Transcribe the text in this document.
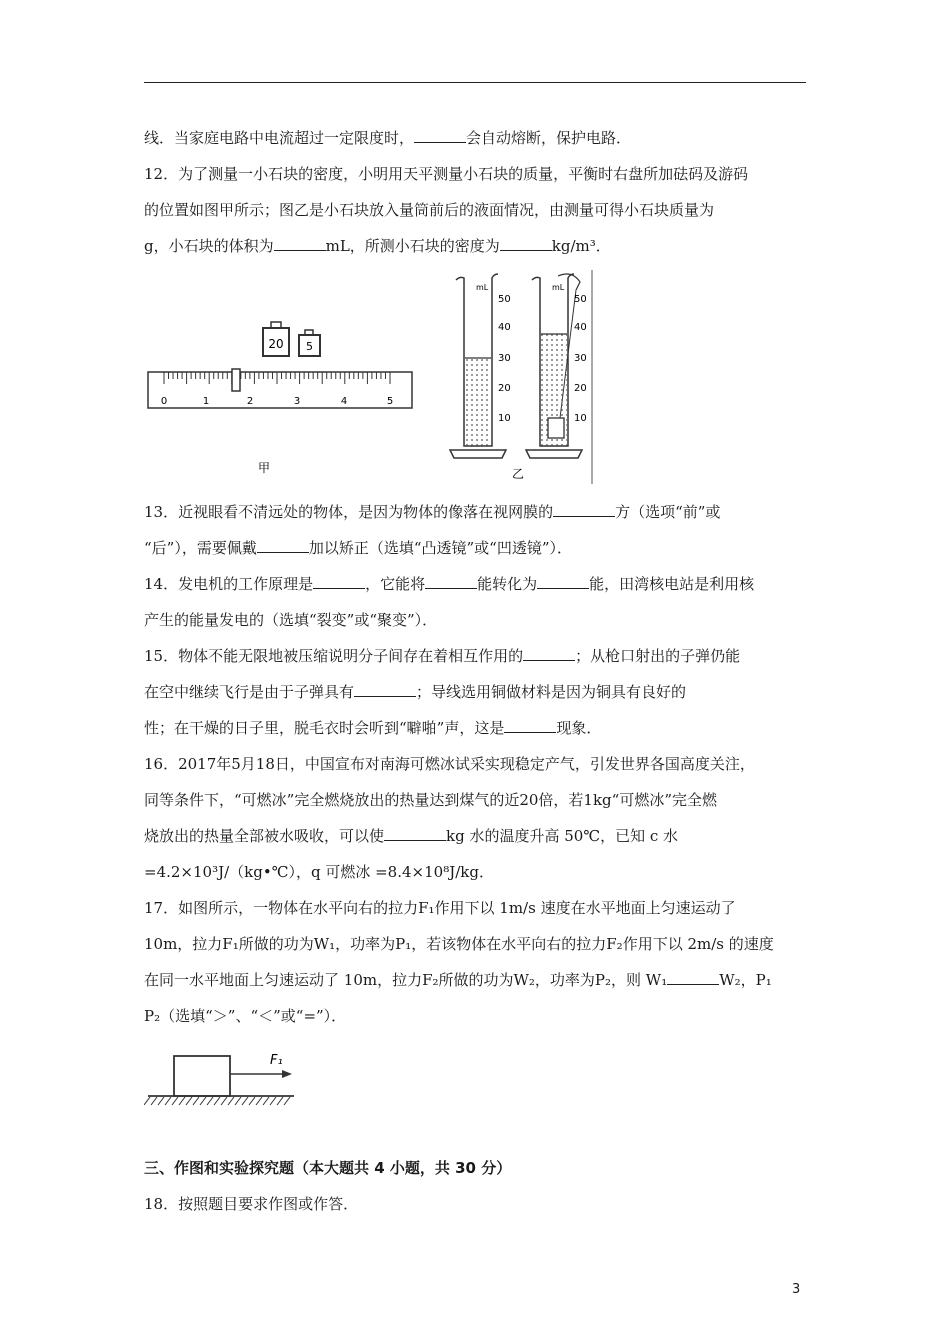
线．当家庭电路中电流超过一定限度时，	会自动熔断，保护电路．
12．为了测量一小石块的密度，小明用天平测量小石块的质量，平衡时右盘所加砝码及游码
的位置如图甲所示；图乙是小石块放入量筒前后的液面情况，由测量可得小石块质量为
g，小石块的体积为	mL，所测小石块的密度为	kg/m³．
20 5
0	1	2	3	4	5
甲
mL
50
40
30
20
10
mL
50
40
30
20
10
乙
13．近视眼看不清远处的物体，是因为物体的像落在视网膜的	方（选项“前”或
“后”），需要佩戴	加以矫正（选填“凸透镜”或“凹透镜”）．
14．发电机的工作原理是	，它能将	能转化为	能，田湾核电站是利用核
产生的能量发电的（选填“裂变”或“聚变”）．
15．物体不能无限地被压缩说明分子间存在着相互作用的	；从枪口射出的子弹仍能
在空中继续飞行是由于子弹具有	；导线选用铜做材料是因为铜具有良好的
性；在干燥的日子里，脱毛衣时会听到“噼啪”声，这是	现象．
16．2017年5月18日，中国宣布对南海可燃冰试采实现稳定产气，引发世界各国高度关注，
同等条件下，“可燃冰”完全燃烧放出的热量达到煤气的近20倍，若1kg“可燃冰”完全燃
烧放出的热量全部被水吸收，可以使	kg 水的温度升高 50℃，已知 c 水
=4.2×10³J/（kg•℃），q 可燃冰 =8.4×10⁸J/kg．
17．如图所示，一物体在水平向右的拉力F₁作用下以 1m/s 速度在水平地面上匀速运动了
10m，拉力F₁所做的功为W₁，功率为P₁，若该物体在水平向右的拉力F₂作用下以 2m/s 的速度
在同一水平地面上匀速运动了 10m，拉力F₂所做的功为W₂，功率为P₂，则 W₁	W₂，P₁
P₂（选填“＞”、“＜”或“=”）．
F₁
三、作图和实验探究题（本大题共 4 小题，共 30 分）
18．按照题目要求作图或作答．
3
